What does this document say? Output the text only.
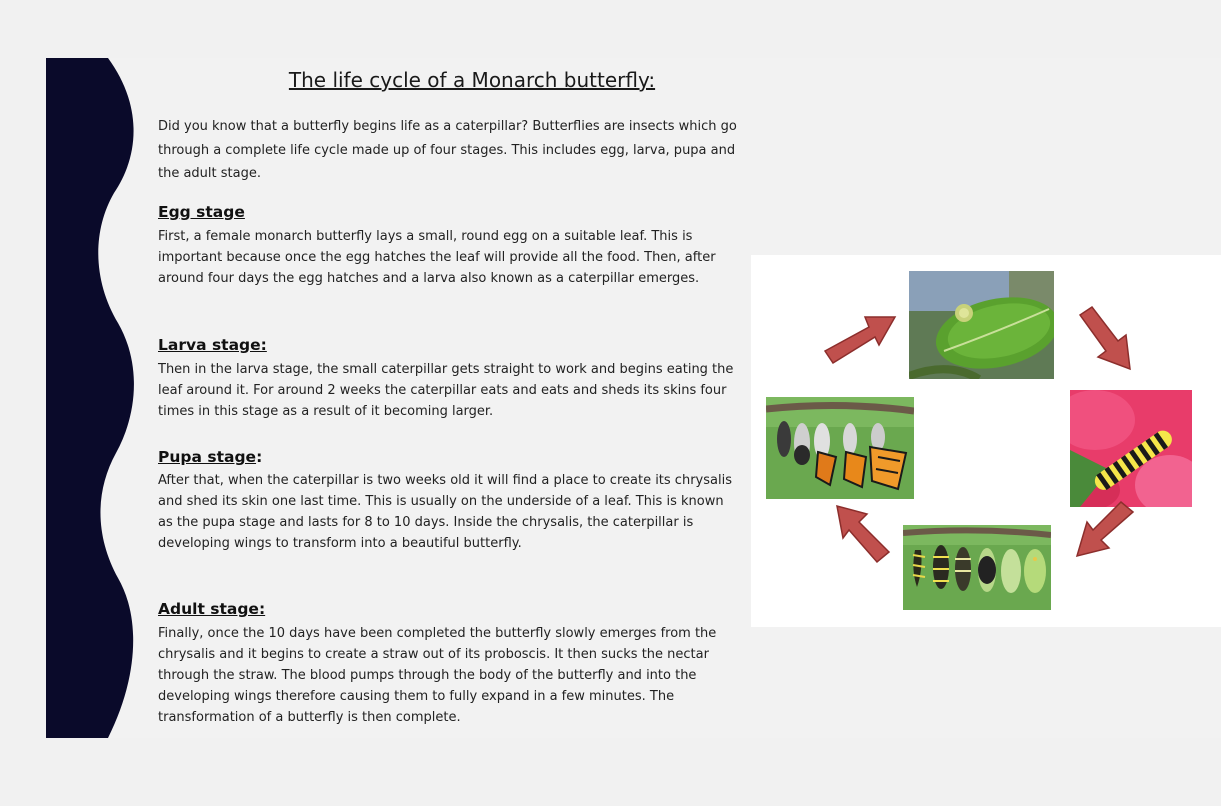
The life cycle of a Monarch butterfly:
Did you know that a butterfly begins life as a caterpillar? Butterflies are insects which go through a complete life cycle made up of four stages. This includes egg, larva, pupa and the adult stage.
Egg stage
First, a female monarch butterfly lays a small, round egg on a suitable leaf. This is important because once the egg hatches the leaf will provide all the food. Then, after around four days the egg hatches and a larva also known as a caterpillar emerges.
Larva stage:
Then in the larva stage, the small caterpillar gets straight to work and begins eating the leaf around it. For around 2 weeks the caterpillar eats and eats and sheds its skins four times in this stage as a result of it becoming larger.
Pupa stage:
After that, when the caterpillar is two weeks old it will find a place to create its chrysalis and shed its skin one last time. This is usually on the underside of a leaf. This is known as the pupa stage and lasts for 8 to 10 days. Inside the chrysalis, the caterpillar is developing wings to transform into a beautiful butterfly.
Adult stage:
Finally, once the 10 days have been completed the butterfly slowly emerges from the chrysalis and it begins to create a straw out of its proboscis. It then sucks the nectar through the straw. The blood pumps through the body of the butterfly and into the developing wings therefore causing them to fully expand in a few minutes. The transformation of a butterfly is then complete.
